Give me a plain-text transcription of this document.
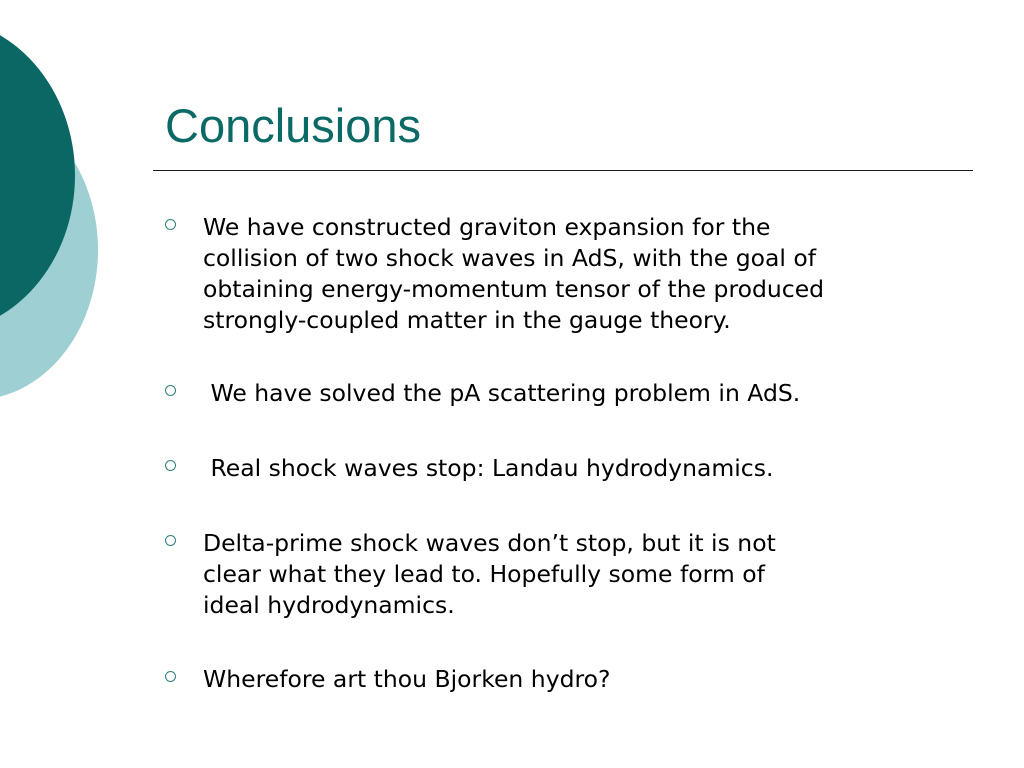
Conclusions
We have constructed graviton expansion for the
collision of two shock waves in AdS, with the goal of
obtaining energy-momentum tensor of the produced
strongly-coupled matter in the gauge theory.
We have solved the pA scattering problem in AdS.
Real shock waves stop: Landau hydrodynamics.
Delta-prime shock waves don’t stop, but it is not
clear what they lead to. Hopefully some form of
ideal hydrodynamics.
Wherefore art thou Bjorken hydro?
